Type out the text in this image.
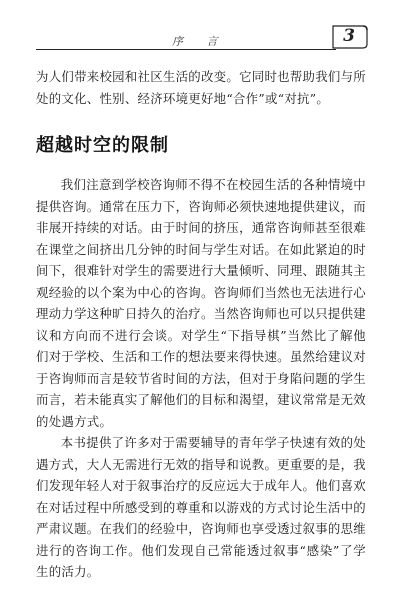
序 言	3

为人们带来校园和社区生活的改变。它同时也帮助我们与所处的文化、性别、经济环境更好地“合作”或“对抗”。

超越时空的限制

我们注意到学校咨询师不得不在校园生活的各种情境中提供咨询。通常在压力下，咨询师必须快速地提供建议，而非展开持续的对话。由于时间的挤压，通常咨询师甚至很难在课堂之间挤出几分钟的时间与学生对话。在如此紧迫的时间下，很难针对学生的需要进行大量倾听、同理、跟随其主观经验的以个案为中心的咨询。咨询师们当然也无法进行心理动力学这种旷日持久的治疗。当然咨询师也可以只提供建议和方向而不进行会谈。对学生“下指导棋”当然比了解他们对于学校、生活和工作的想法要来得快速。虽然给建议对于咨询师而言是较节省时间的方法，但对于身陷问题的学生而言，若未能真实了解他们的目标和渴望，建议常常是无效的处遇方式。

本书提供了许多对于需要辅导的青年学子快速有效的处遇方式，大人无需进行无效的指导和说教。更重要的是，我们发现年轻人对于叙事治疗的反应远大于成年人。他们喜欢在对话过程中所感受到的尊重和以游戏的方式讨论生活中的严肃议题。在我们的经验中，咨询师也享受透过叙事的思维进行的咨询工作。他们发现自己常能透过叙事“感染”了学生的活力。
